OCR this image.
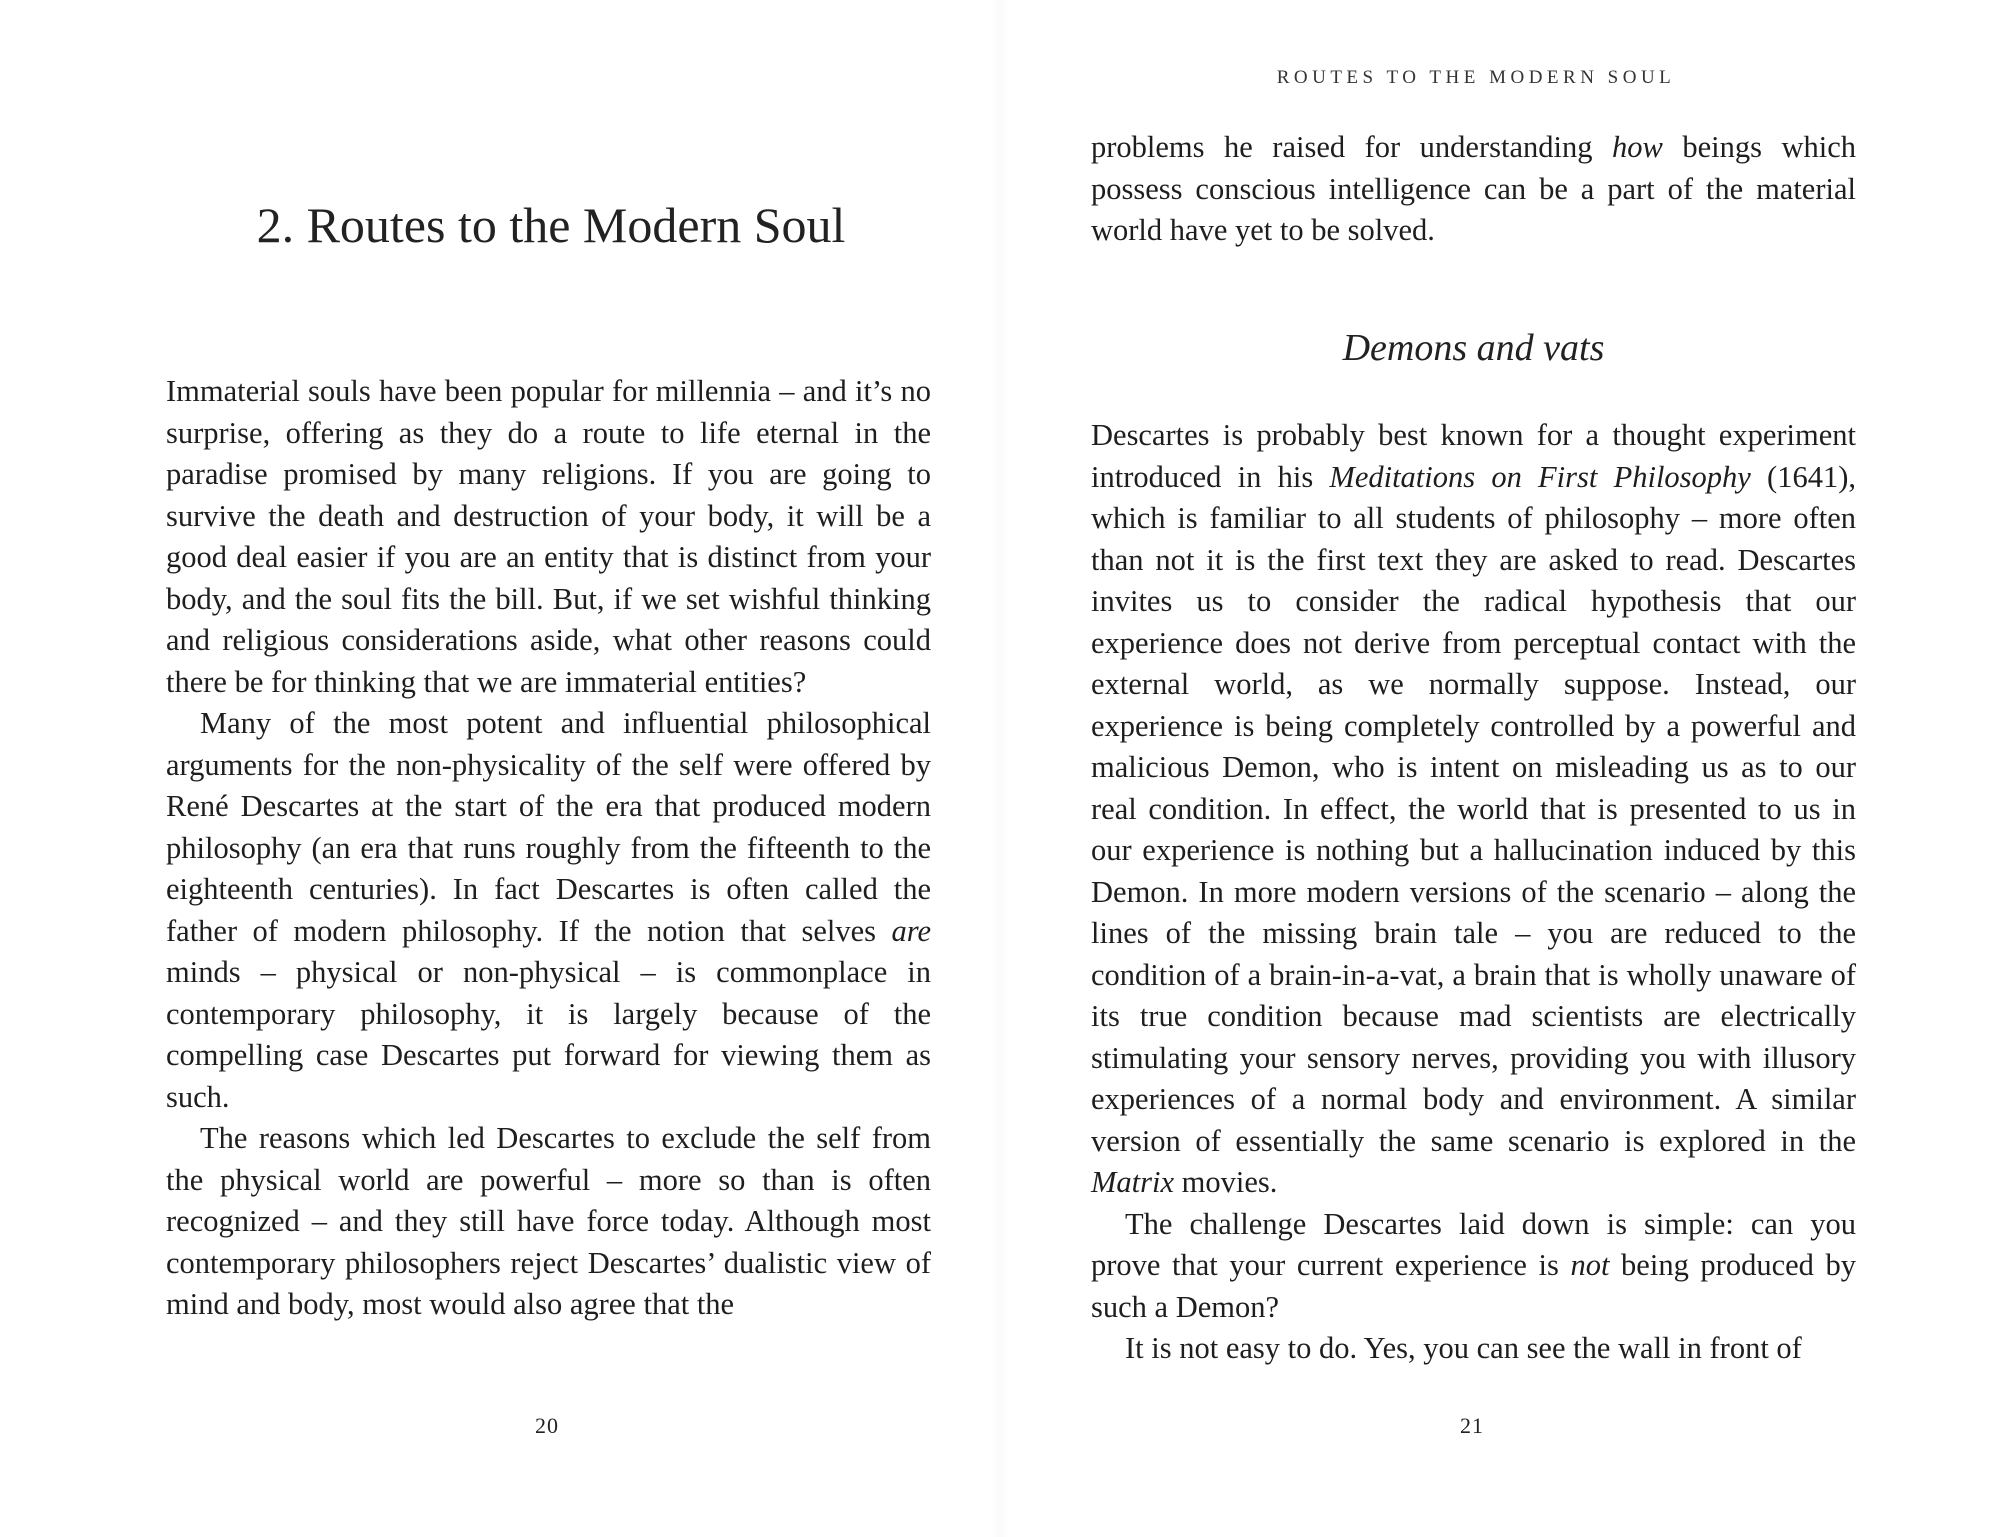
ROUTES TO THE MODERN SOUL
2. Routes to the Modern Soul

Immaterial souls have been popular for millennia – and it’s no surprise, offering as they do a route to life eternal in the paradise promised by many religions. If you are going to survive the death and destruction of your body, it will be a good deal easier if you are an entity that is distinct from your body, and the soul fits the bill. But, if we set wishful thinking and religious considerations aside, what other reasons could there be for thinking that we are immaterial entities?

Many of the most potent and influential philosophical arguments for the non-physicality of the self were offered by René Descartes at the start of the era that produced modern philosophy (an era that runs roughly from the fifteenth to the eighteenth centuries). In fact Descartes is often called the father of modern philosophy. If the notion that selves are minds – physical or non-physical – is commonplace in contemporary philosophy, it is largely because of the compelling case Descartes put forward for viewing them as such.

The reasons which led Descartes to exclude the self from the physical world are powerful – more so than is often recognized – and they still have force today. Although most contemporary philosophers reject Descartes’ dualistic view of mind and body, most would also agree that the

20

problems he raised for understanding how beings which possess conscious intelligence can be a part of the material world have yet to be solved.

Demons and vats

Descartes is probably best known for a thought experiment introduced in his Meditations on First Philosophy (1641), which is familiar to all students of philosophy – more often than not it is the first text they are asked to read. Descartes invites us to consider the radical hypothesis that our experience does not derive from perceptual contact with the external world, as we normally suppose. Instead, our experience is being completely controlled by a powerful and malicious Demon, who is intent on misleading us as to our real condition. In effect, the world that is presented to us in our experience is nothing but a hallucination induced by this Demon. In more modern versions of the scenario – along the lines of the missing brain tale – you are reduced to the condition of a brain-in-a-vat, a brain that is wholly unaware of its true condition because mad scientists are electrically stimulating your sensory nerves, providing you with illusory experiences of a normal body and environment. A similar version of essentially the same scenario is explored in the Matrix movies.

The challenge Descartes laid down is simple: can you prove that your current experience is not being produced by such a Demon?

It is not easy to do. Yes, you can see the wall in front of

21
